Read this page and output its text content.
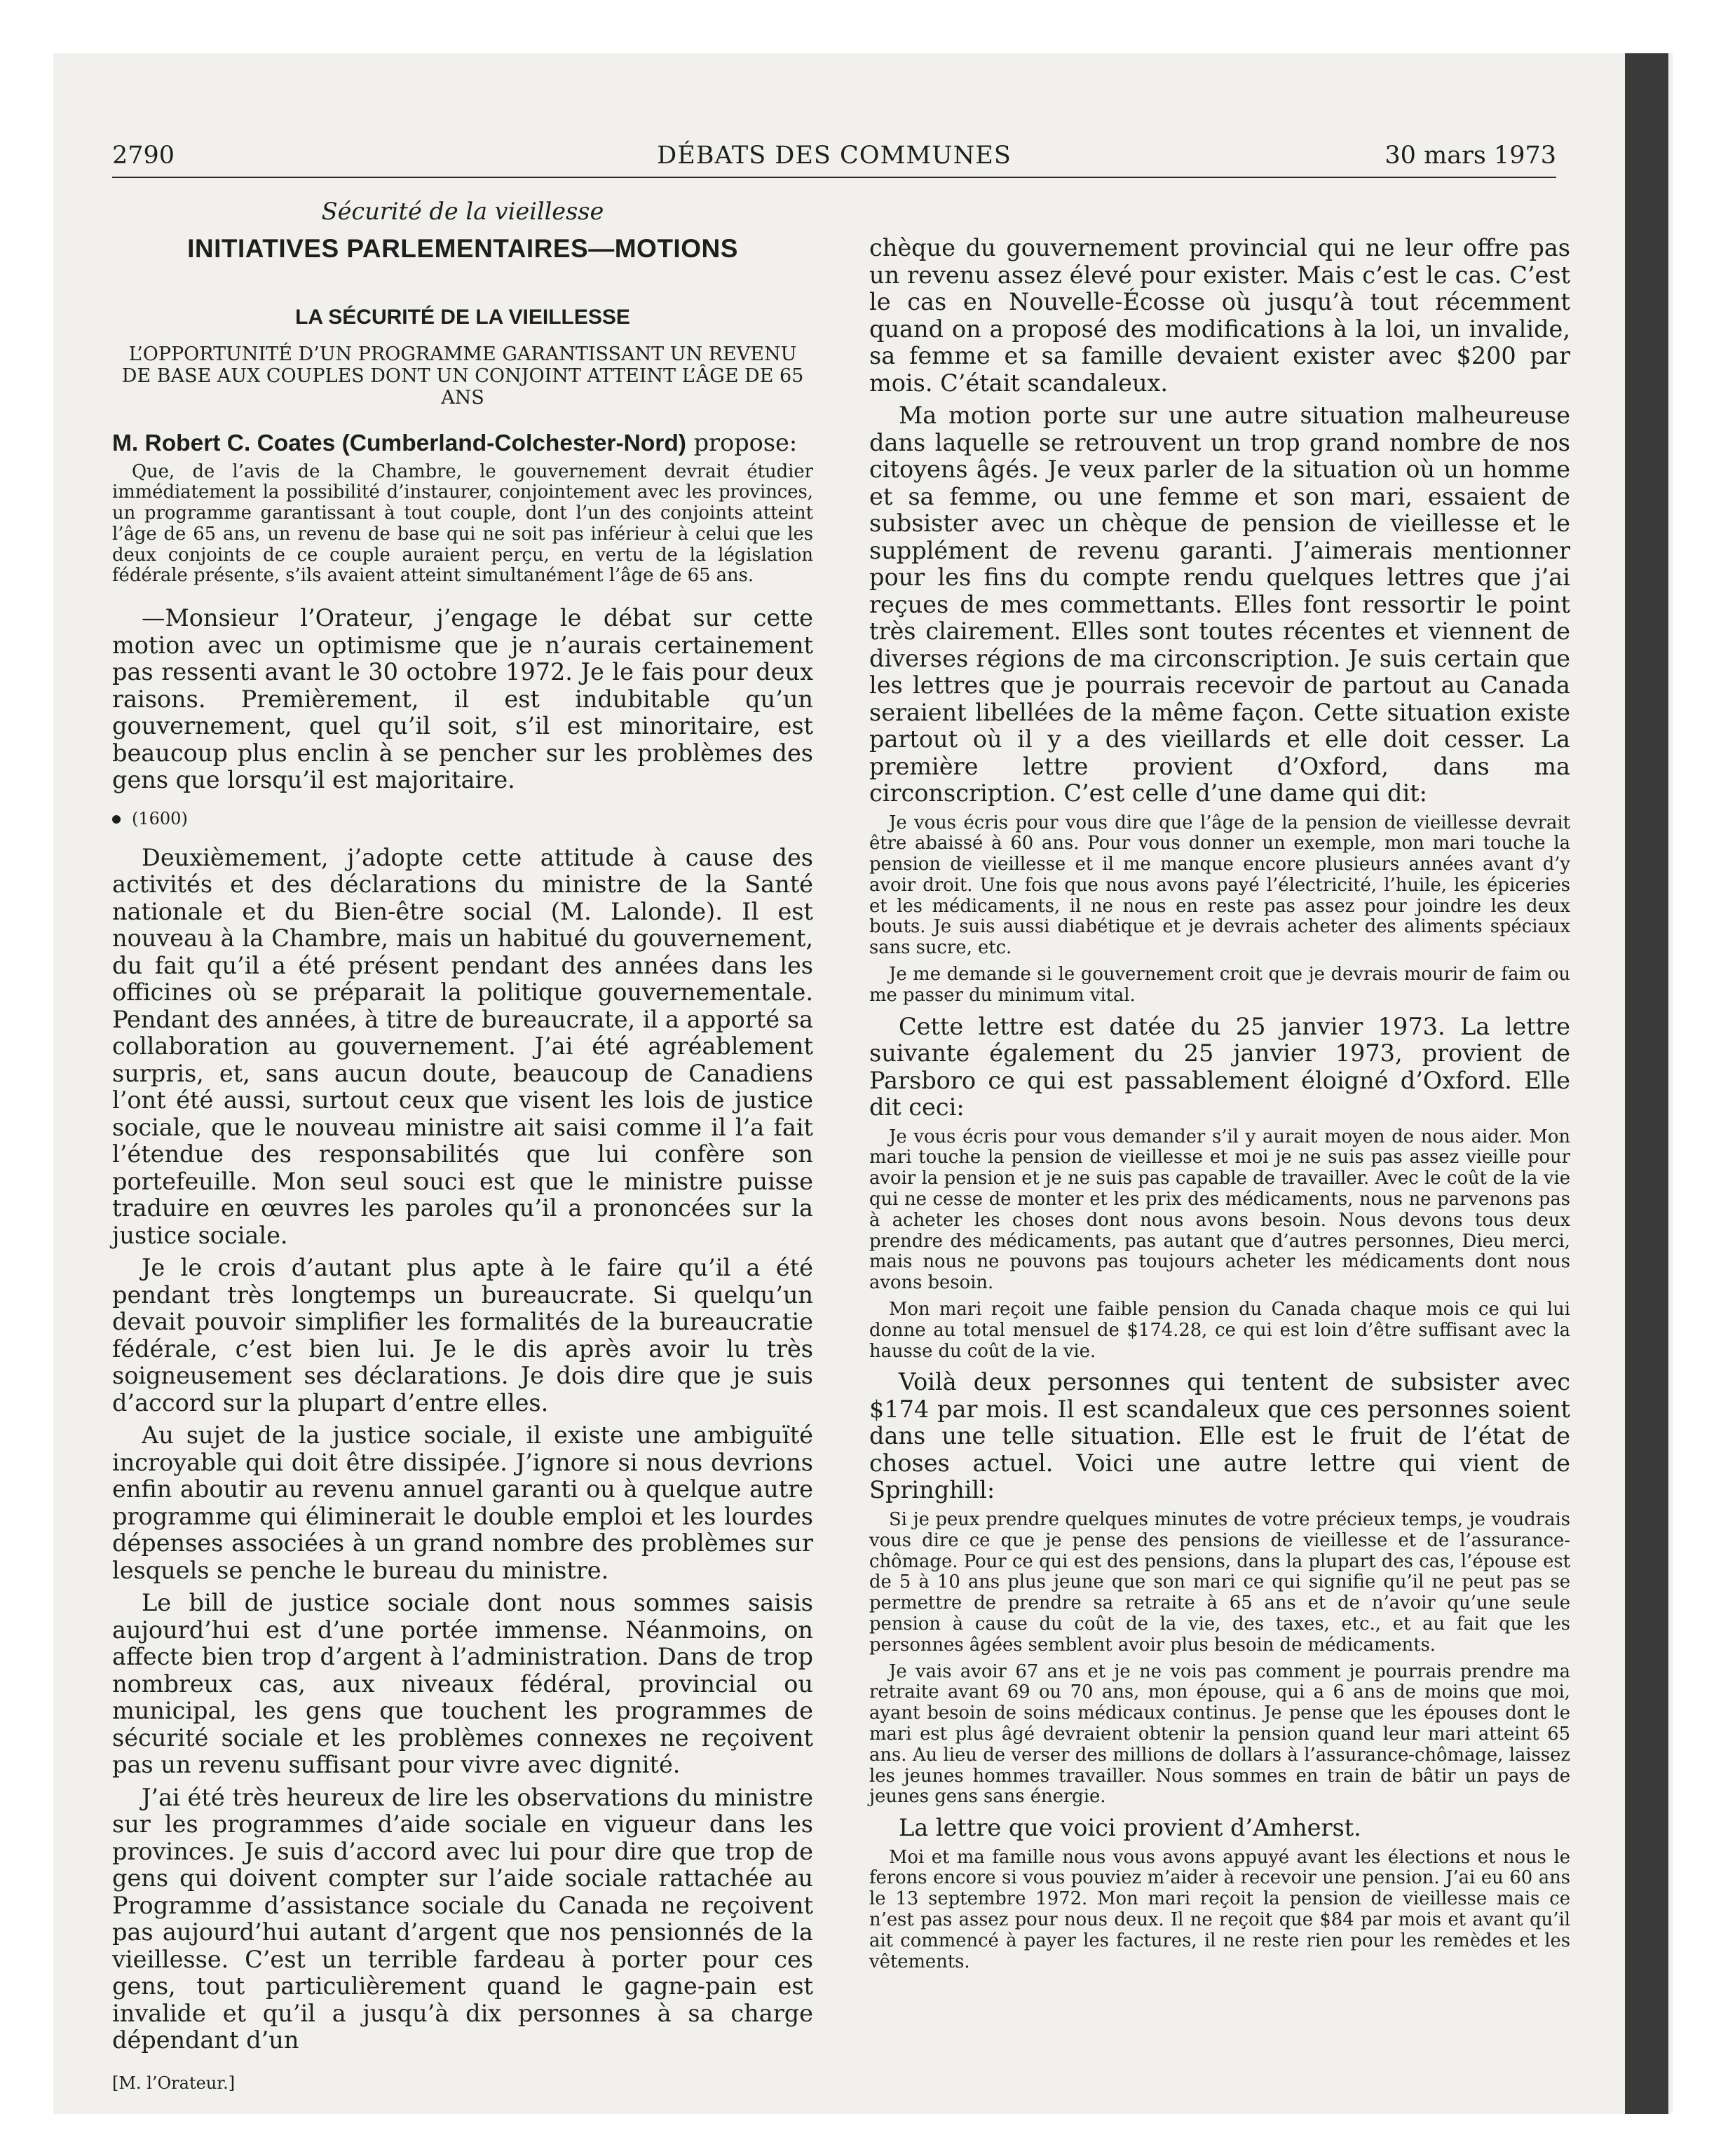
2790	DÉBATS DES COMMUNES	30 mars 1973
Sécurité de la vieillesse
INITIATIVES PARLEMENTAIRES—MOTIONS
LA SÉCURITÉ DE LA VIEILLESSE
L’OPPORTUNITÉ D’UN PROGRAMME GARANTISSANT UN REVENU DE BASE AUX COUPLES DONT UN CONJOINT ATTEINT L’ÂGE DE 65 ANS
M. Robert C. Coates (Cumberland-Colchester-Nord) propose:
Que, de l’avis de la Chambre, le gouvernement devrait étudier immédiatement la possibilité d’instaurer, conjointement avec les provinces, un programme garantissant à tout couple, dont l’un des conjoints atteint l’âge de 65 ans, un revenu de base qui ne soit pas inférieur à celui que les deux conjoints de ce couple auraient perçu, en vertu de la législation fédérale présente, s’ils avaient atteint simultanément l’âge de 65 ans.

—Monsieur l’Orateur, j’engage le débat sur cette motion avec un optimisme que je n’aurais certainement pas ressenti avant le 30 octobre 1972. Je le fais pour deux raisons. Premièrement, il est indubitable qu’un gouvernement, quel qu’il soit, s’il est minoritaire, est beaucoup plus enclin à se pencher sur les problèmes des gens que lorsqu’il est majoritaire.

(1600)

Deuxièmement, j’adopte cette attitude à cause des activités et des déclarations du ministre de la Santé nationale et du Bien-être social (M. Lalonde). Il est nouveau à la Chambre, mais un habitué du gouvernement, du fait qu’il a été présent pendant des années dans les officines où se préparait la politique gouvernementale. Pendant des années, à titre de bureaucrate, il a apporté sa collaboration au gouvernement. J’ai été agréablement surpris, et, sans aucun doute, beaucoup de Canadiens l’ont été aussi, surtout ceux que visent les lois de justice sociale, que le nouveau ministre ait saisi comme il l’a fait l’étendue des responsabilités que lui confère son portefeuille. Mon seul souci est que le ministre puisse traduire en œuvres les paroles qu’il a prononcées sur la justice sociale.

Je le crois d’autant plus apte à le faire qu’il a été pendant très longtemps un bureaucrate. Si quelqu’un devait pouvoir simplifier les formalités de la bureaucratie fédérale, c’est bien lui. Je le dis après avoir lu très soigneusement ses déclarations. Je dois dire que je suis d’accord sur la plupart d’entre elles.

Au sujet de la justice sociale, il existe une ambiguïté incroyable qui doit être dissipée. J’ignore si nous devrions enfin aboutir au revenu annuel garanti ou à quelque autre programme qui éliminerait le double emploi et les lourdes dépenses associées à un grand nombre des problèmes sur lesquels se penche le bureau du ministre.

Le bill de justice sociale dont nous sommes saisis aujourd’hui est d’une portée immense. Néanmoins, on affecte bien trop d’argent à l’administration. Dans de trop nombreux cas, aux niveaux fédéral, provincial ou municipal, les gens que touchent les programmes de sécurité sociale et les problèmes connexes ne reçoivent pas un revenu suffisant pour vivre avec dignité.

J’ai été très heureux de lire les observations du ministre sur les programmes d’aide sociale en vigueur dans les provinces. Je suis d’accord avec lui pour dire que trop de gens qui doivent compter sur l’aide sociale rattachée au Programme d’assistance sociale du Canada ne reçoivent pas aujourd’hui autant d’argent que nos pensionnés de la vieillesse. C’est un terrible fardeau à porter pour ces gens, tout particulièrement quand le gagne-pain est invalide et qu’il a jusqu’à dix personnes à sa charge dépendant d’un

[M. l’Orateur.]

chèque du gouvernement provincial qui ne leur offre pas un revenu assez élevé pour exister. Mais c’est le cas. C’est le cas en Nouvelle-Écosse où jusqu’à tout récemment quand on a proposé des modifications à la loi, un invalide, sa femme et sa famille devaient exister avec $200 par mois. C’était scandaleux.

Ma motion porte sur une autre situation malheureuse dans laquelle se retrouvent un trop grand nombre de nos citoyens âgés. Je veux parler de la situation où un homme et sa femme, ou une femme et son mari, essaient de subsister avec un chèque de pension de vieillesse et le supplément de revenu garanti. J’aimerais mentionner pour les fins du compte rendu quelques lettres que j’ai reçues de mes commettants. Elles font ressortir le point très clairement. Elles sont toutes récentes et viennent de diverses régions de ma circonscription. Je suis certain que les lettres que je pourrais recevoir de partout au Canada seraient libellées de la même façon. Cette situation existe partout où il y a des vieillards et elle doit cesser. La première lettre provient d’Oxford, dans ma circonscription. C’est celle d’une dame qui dit:

Je vous écris pour vous dire que l’âge de la pension de vieillesse devrait être abaissé à 60 ans. Pour vous donner un exemple, mon mari touche la pension de vieillesse et il me manque encore plusieurs années avant d’y avoir droit. Une fois que nous avons payé l’électricité, l’huile, les épiceries et les médicaments, il ne nous en reste pas assez pour joindre les deux bouts. Je suis aussi diabétique et je devrais acheter des aliments spéciaux sans sucre, etc.

Je me demande si le gouvernement croit que je devrais mourir de faim ou me passer du minimum vital.

Cette lettre est datée du 25 janvier 1973. La lettre suivante également du 25 janvier 1973, provient de Parsboro ce qui est passablement éloigné d’Oxford. Elle dit ceci:

Je vous écris pour vous demander s’il y aurait moyen de nous aider. Mon mari touche la pension de vieillesse et moi je ne suis pas assez vieille pour avoir la pension et je ne suis pas capable de travailler. Avec le coût de la vie qui ne cesse de monter et les prix des médicaments, nous ne parvenons pas à acheter les choses dont nous avons besoin. Nous devons tous deux prendre des médicaments, pas autant que d’autres personnes, Dieu merci, mais nous ne pouvons pas toujours acheter les médicaments dont nous avons besoin.

Mon mari reçoit une faible pension du Canada chaque mois ce qui lui donne au total mensuel de $174.28, ce qui est loin d’être suffisant avec la hausse du coût de la vie.

Voilà deux personnes qui tentent de subsister avec $174 par mois. Il est scandaleux que ces personnes soient dans une telle situation. Elle est le fruit de l’état de choses actuel. Voici une autre lettre qui vient de Springhill:

Si je peux prendre quelques minutes de votre précieux temps, je voudrais vous dire ce que je pense des pensions de vieillesse et de l’assurance-chômage. Pour ce qui est des pensions, dans la plupart des cas, l’épouse est de 5 à 10 ans plus jeune que son mari ce qui signifie qu’il ne peut pas se permettre de prendre sa retraite à 65 ans et de n’avoir qu’une seule pension à cause du coût de la vie, des taxes, etc., et au fait que les personnes âgées semblent avoir plus besoin de médicaments.

Je vais avoir 67 ans et je ne vois pas comment je pourrais prendre ma retraite avant 69 ou 70 ans, mon épouse, qui a 6 ans de moins que moi, ayant besoin de soins médicaux continus. Je pense que les épouses dont le mari est plus âgé devraient obtenir la pension quand leur mari atteint 65 ans. Au lieu de verser des millions de dollars à l’assurance-chômage, laissez les jeunes hommes travailler. Nous sommes en train de bâtir un pays de jeunes gens sans énergie.

La lettre que voici provient d’Amherst.

Moi et ma famille nous vous avons appuyé avant les élections et nous le ferons encore si vous pouviez m’aider à recevoir une pension. J’ai eu 60 ans le 13 septembre 1972. Mon mari reçoit la pension de vieillesse mais ce n’est pas assez pour nous deux. Il ne reçoit que $84 par mois et avant qu’il ait commencé à payer les factures, il ne reste rien pour les remèdes et les vêtements.
